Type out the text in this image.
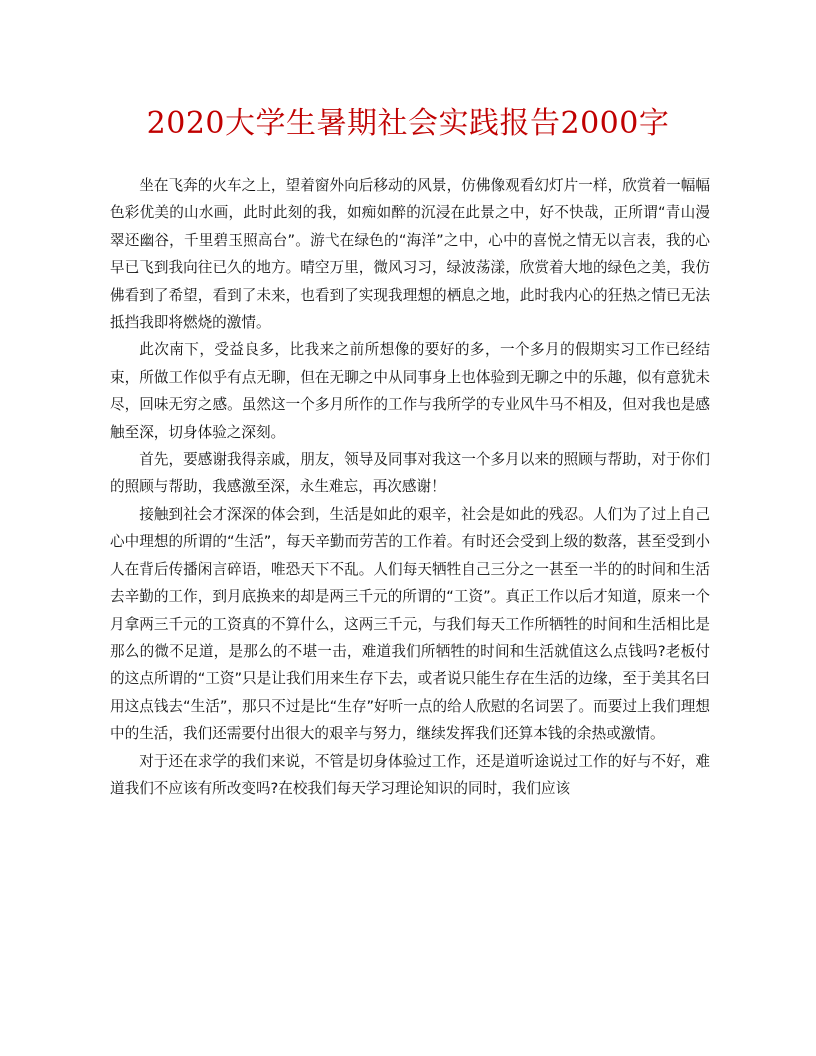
2020大学生暑期社会实践报告2000字

坐在飞奔的火车之上，望着窗外向后移动的风景，仿佛像观看幻灯片一样，欣赏着一幅幅色彩优美的山水画，此时此刻的我，如痴如醉的沉浸在此景之中，好不快哉，正所谓“青山漫翠还幽谷，千里碧玉照高台”。游弋在绿色的“海洋”之中，心中的喜悦之情无以言表，我的心早已飞到我向往已久的地方。晴空万里，微风习习，绿波荡漾，欣赏着大地的绿色之美，我仿佛看到了希望，看到了未来，也看到了实现我理想的栖息之地，此时我内心的狂热之情已无法抵挡我即将燃烧的激情。

此次南下，受益良多，比我来之前所想像的要好的多，一个多月的假期实习工作已经结束，所做工作似乎有点无聊，但在无聊之中从同事身上也体验到无聊之中的乐趣，似有意犹未尽，回味无穷之感。虽然这一个多月所作的工作与我所学的专业风牛马不相及，但对我也是感触至深，切身体验之深刻。

首先，要感谢我得亲戚，朋友，领导及同事对我这一个多月以来的照顾与帮助，对于你们的照顾与帮助，我感激至深，永生难忘，再次感谢！

接触到社会才深深的体会到，生活是如此的艰辛，社会是如此的残忍。人们为了过上自己心中理想的所谓的“生活”，每天辛勤而劳苦的工作着。有时还会受到上级的数落，甚至受到小人在背后传播闲言碎语，唯恐天下不乱。人们每天牺牲自己三分之一甚至一半的的时间和生活去辛勤的工作，到月底换来的却是两三千元的所谓的“工资”。真正工作以后才知道，原来一个月拿两三千元的工资真的不算什么，这两三千元，与我们每天工作所牺牲的时间和生活相比是那么的微不足道，是那么的不堪一击，难道我们所牺牲的时间和生活就值这么点钱吗?老板付的这点所谓的“工资”只是让我们用来生存下去，或者说只能生存在生活的边缘，至于美其名曰用这点钱去“生活”，那只不过是比“生存”好听一点的给人欣慰的名词罢了。而要过上我们理想中的生活，我们还需要付出很大的艰辛与努力，继续发挥我们还算本钱的余热或激情。

对于还在求学的我们来说，不管是切身体验过工作，还是道听途说过工作的好与不好，难道我们不应该有所改变吗?在校我们每天学习理论知识的同时，我们应该
